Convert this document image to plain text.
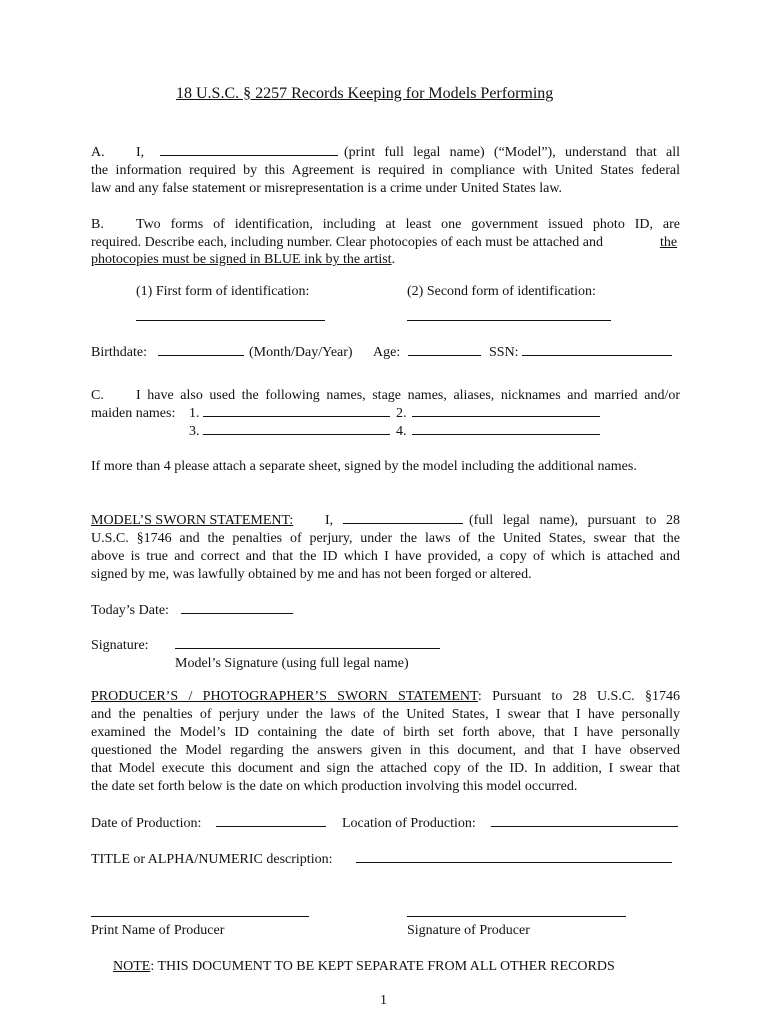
18 U.S.C. § 2257 Records Keeping for Models Performing
A. I,	(print full legal name) (“Model”), understand that all
the information required by this Agreement is required in compliance with United States federal
law and any false statement or misrepresentation is a crime under United States law.
B. Two forms of identification, including at least one government issued photo ID, are
required. Describe each, including number. Clear photocopies of each must be attached and	the
photocopies must be signed in BLUE ink by the artist.
(1) First form of identification:	(2) Second form of identification:
Birthdate:	(Month/Day/Year) Age:	SSN:
C. I have also used the following names, stage names, aliases, nicknames and married and/or
maiden names: 1.	2.
3.	4.
If more than 4 please attach a separate sheet, signed by the model including the additional names.
MODEL’S SWORN STATEMENT: I,	(full legal name), pursuant to 28
U.S.C. §1746 and the penalties of perjury, under the laws of the United States, swear that the
above is true and correct and that the ID which I have provided, a copy of which is attached and
signed by me, was lawfully obtained by me and has not been forged or altered.
Today’s Date:
Signature:
Model’s Signature (using full legal name)
PRODUCER’S / PHOTOGRAPHER’S SWORN STATEMENT: Pursuant to 28 U.S.C. §1746
and the penalties of perjury under the laws of the United States, I swear that I have personally
examined the Model’s ID containing the date of birth set forth above, that I have personally
questioned the Model regarding the answers given in this document, and that I have observed
that Model execute this document and sign the attached copy of the ID. In addition, I swear that
the date set forth below is the date on which production involving this model occurred.
Date of Production:	Location of Production:
TITLE or ALPHA/NUMERIC description:
Print Name of Producer	Signature of Producer
NOTE: THIS DOCUMENT TO BE KEPT SEPARATE FROM ALL OTHER RECORDS
1
